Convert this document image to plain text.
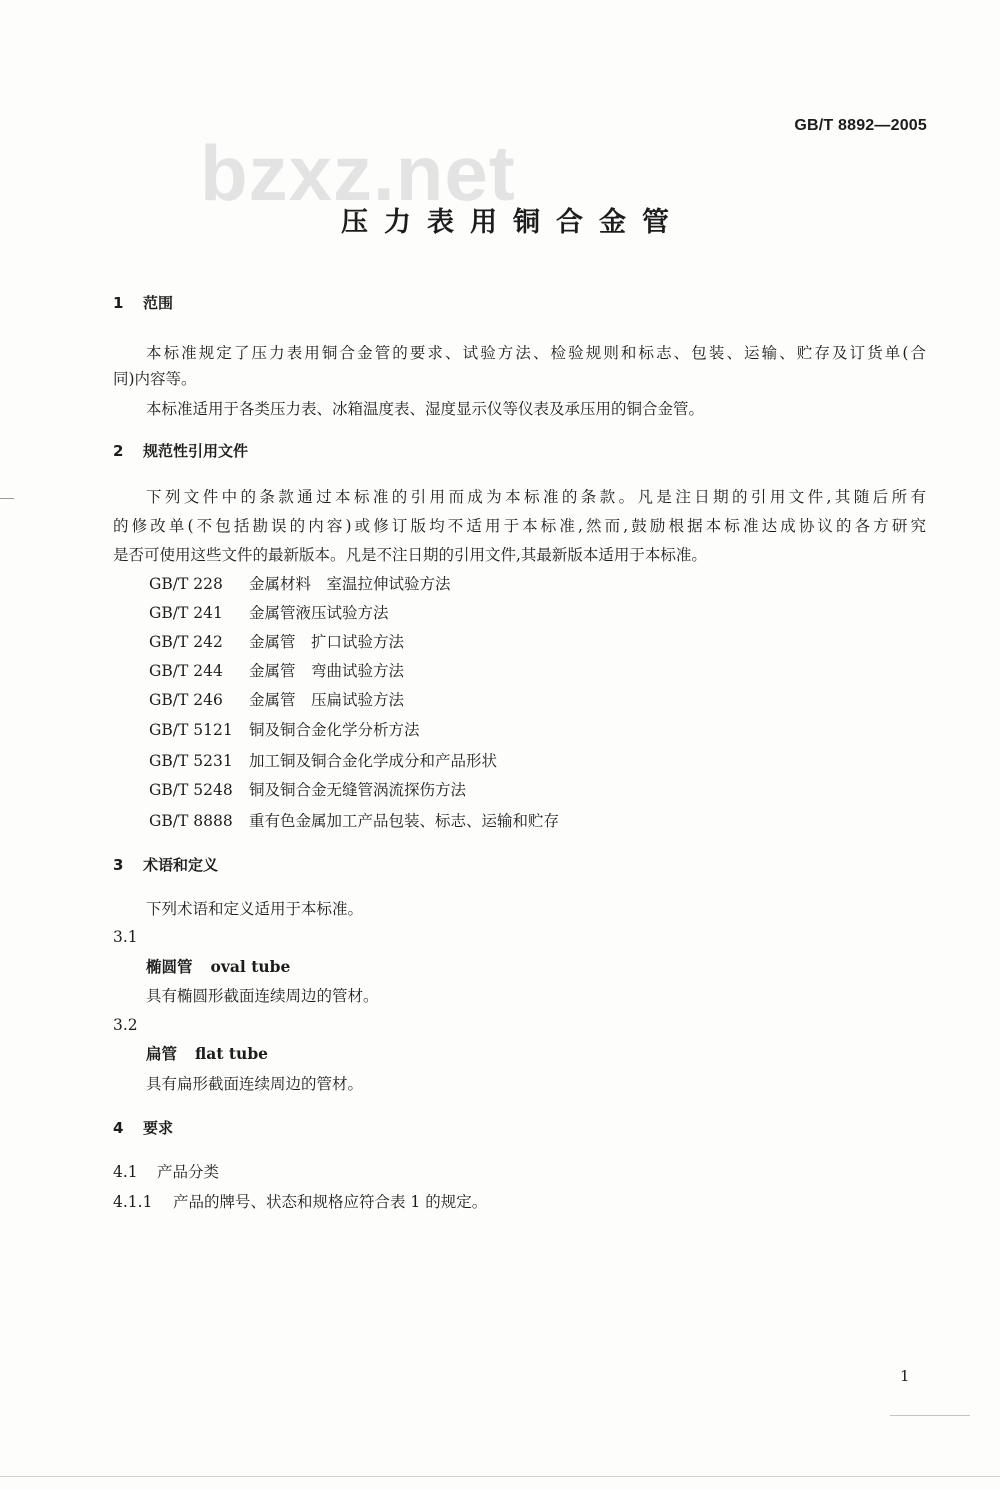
GB/T 8892—2005
bzxz.net
压力表用铜合金管
1 范围
本标准规定了压力表用铜合金管的要求、试验方法、检验规则和标志、包装、运输、贮存及订货单(合
同)内容等。
本标准适用于各类压力表、冰箱温度表、湿度显示仪等仪表及承压用的铜合金管。
2 规范性引用文件
下列文件中的条款通过本标准的引用而成为本标准的条款。凡是注日期的引用文件,其随后所有
的修改单(不包括勘误的内容)或修订版均不适用于本标准,然而,鼓励根据本标准达成协议的各方研究
是否可使用这些文件的最新版本。凡是不注日期的引用文件,其最新版本适用于本标准。
GB/T 228 金属材料　室温拉伸试验方法
GB/T 241 金属管液压试验方法
GB/T 242 金属管　扩口试验方法
GB/T 244 金属管　弯曲试验方法
GB/T 246 金属管　压扁试验方法
GB/T 5121 铜及铜合金化学分析方法
GB/T 5231 加工铜及铜合金化学成分和产品形状
GB/T 5248 铜及铜合金无缝管涡流探伤方法
GB/T 8888 重有色金属加工产品包装、标志、运输和贮存
3 术语和定义
下列术语和定义适用于本标准。
3.1
椭圆管 oval tube
具有椭圆形截面连续周边的管材。
3.2
扁管 flat tube
具有扁形截面连续周边的管材。
4 要求
4.1 产品分类
4.1.1 产品的牌号、状态和规格应符合表 1 的规定。
1
